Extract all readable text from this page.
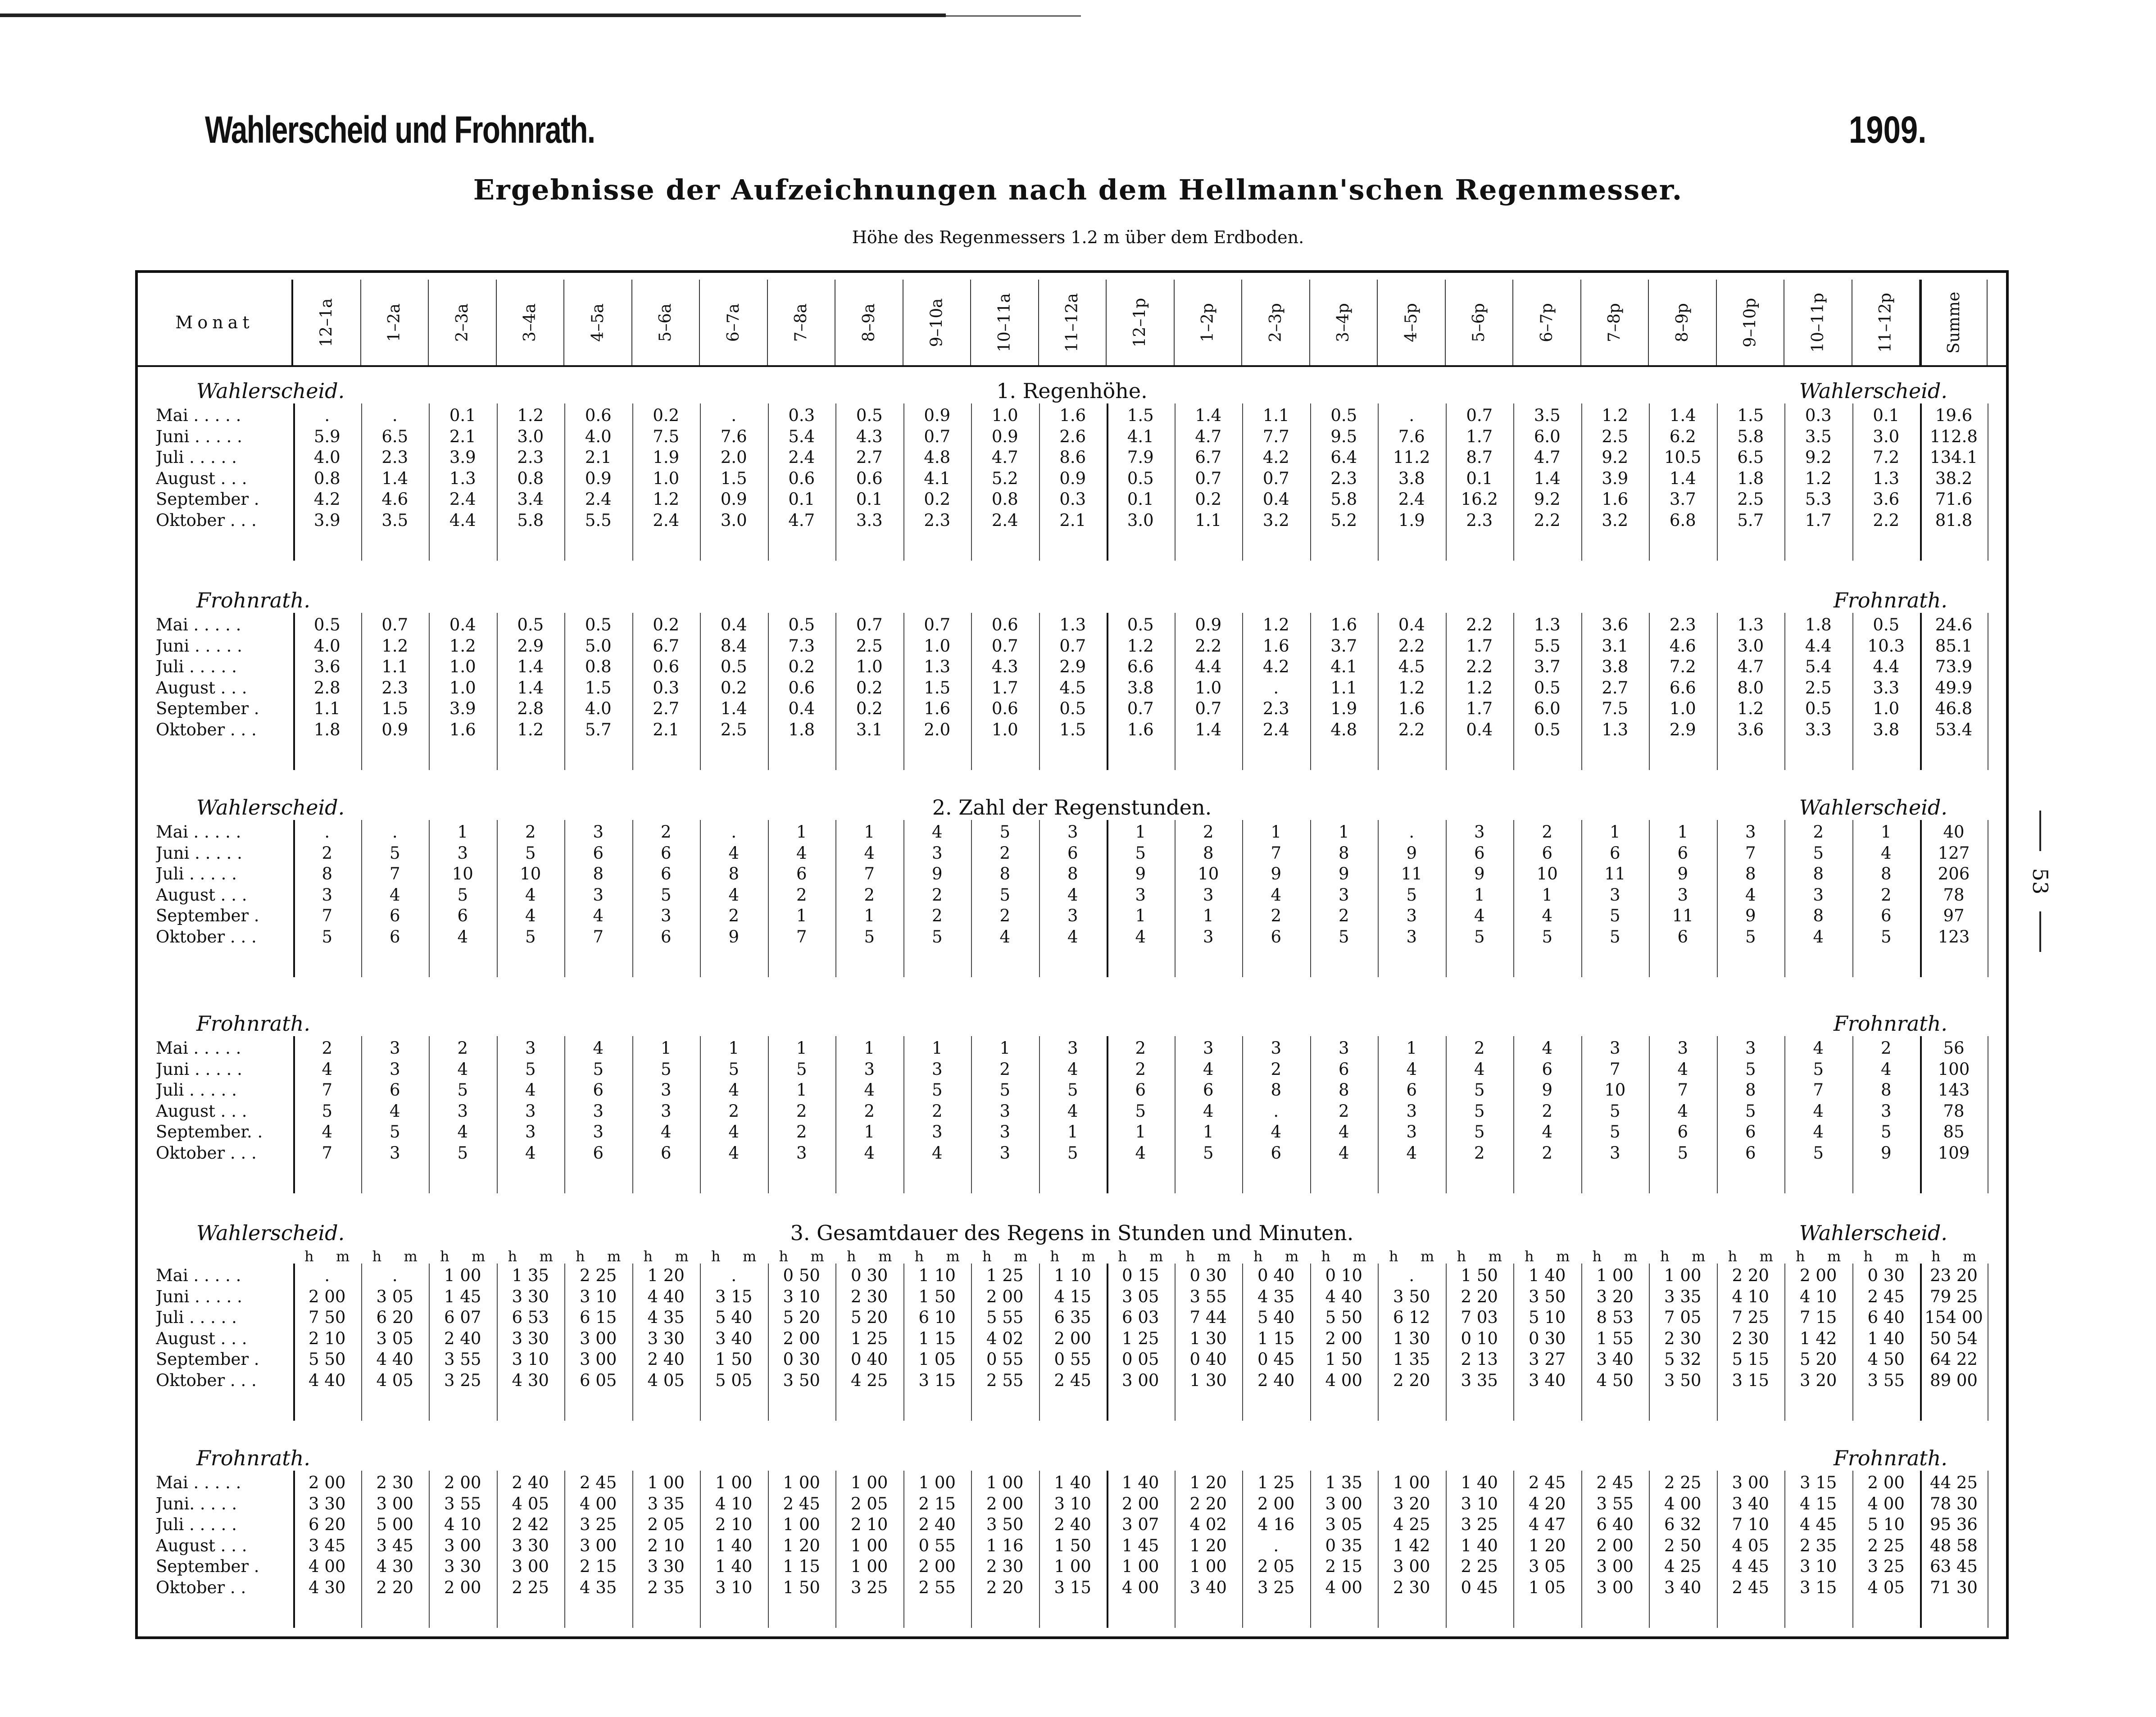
Wahlerscheid und Frohnrath.	1909.
Ergebnisse der Aufzeichnungen nach dem Hellmann'schen Regenmesser.
Höhe des Regenmessers 1.2 m über dem Erdboden.
53
Monat	12–1a	1–2a	2–3a	3–4a	4–5a	5–6a	6–7a	7–8a	8–9a	9–10a	10–11a	11–12a	12–1p	1–2p	2–3p	3–4p	4–5p	5–6p	6–7p	7–8p	8–9p	9–10p	10–11p	11–12p	Summe
Wahlerscheid.	1. Regenhöhe.	Wahlerscheid.
Mai . . . . .	.	.	0.1	1.2	0.6	0.2	.	0.3	0.5	0.9	1.0	1.6	1.5	1.4	1.1	0.5	.	0.7	3.5	1.2	1.4	1.5	0.3	0.1	19.6
Juni . . . . .	5.9	6.5	2.1	3.0	4.0	7.5	7.6	5.4	4.3	0.7	0.9	2.6	4.1	4.7	7.7	9.5	7.6	1.7	6.0	2.5	6.2	5.8	3.5	3.0	112.8
Juli . . . . .	4.0	2.3	3.9	2.3	2.1	1.9	2.0	2.4	2.7	4.8	4.7	8.6	7.9	6.7	4.2	6.4	11.2	8.7	4.7	9.2	10.5	6.5	9.2	7.2	134.1
August . . .	0.8	1.4	1.3	0.8	0.9	1.0	1.5	0.6	0.6	4.1	5.2	0.9	0.5	0.7	0.7	2.3	3.8	0.1	1.4	3.9	1.4	1.8	1.2	1.3	38.2
September .	4.2	4.6	2.4	3.4	2.4	1.2	0.9	0.1	0.1	0.2	0.8	0.3	0.1	0.2	0.4	5.8	2.4	16.2	9.2	1.6	3.7	2.5	5.3	3.6	71.6
Oktober . . .	3.9	3.5	4.4	5.8	5.5	2.4	3.0	4.7	3.3	2.3	2.4	2.1	3.0	1.1	3.2	5.2	1.9	2.3	2.2	3.2	6.8	5.7	1.7	2.2	81.8
Frohnrath.	Frohnrath.
Mai . . . . .	0.5	0.7	0.4	0.5	0.5	0.2	0.4	0.5	0.7	0.7	0.6	1.3	0.5	0.9	1.2	1.6	0.4	2.2	1.3	3.6	2.3	1.3	1.8	0.5	24.6
Juni . . . . .	4.0	1.2	1.2	2.9	5.0	6.7	8.4	7.3	2.5	1.0	0.7	0.7	1.2	2.2	1.6	3.7	2.2	1.7	5.5	3.1	4.6	3.0	4.4	10.3	85.1
Juli . . . . .	3.6	1.1	1.0	1.4	0.8	0.6	0.5	0.2	1.0	1.3	4.3	2.9	6.6	4.4	4.2	4.1	4.5	2.2	3.7	3.8	7.2	4.7	5.4	4.4	73.9
August . . .	2.8	2.3	1.0	1.4	1.5	0.3	0.2	0.6	0.2	1.5	1.7	4.5	3.8	1.0	.	1.1	1.2	1.2	0.5	2.7	6.6	8.0	2.5	3.3	49.9
September .	1.1	1.5	3.9	2.8	4.0	2.7	1.4	0.4	0.2	1.6	0.6	0.5	0.7	0.7	2.3	1.9	1.6	1.7	6.0	7.5	1.0	1.2	0.5	1.0	46.8
Oktober . . .	1.8	0.9	1.6	1.2	5.7	2.1	2.5	1.8	3.1	2.0	1.0	1.5	1.6	1.4	2.4	4.8	2.2	0.4	0.5	1.3	2.9	3.6	3.3	3.8	53.4
Wahlerscheid.	2. Zahl der Regenstunden.	Wahlerscheid.
Mai . . . . .	.	.	1	2	3	2	.	1	1	4	5	3	1	2	1	1	.	3	2	1	1	3	2	1	40
Juni . . . . .	2	5	3	5	6	6	4	4	4	3	2	6	5	8	7	8	9	6	6	6	6	7	5	4	127
Juli . . . . .	8	7	10	10	8	6	8	6	7	9	8	8	9	10	9	9	11	9	10	11	9	8	8	8	206
August . . .	3	4	5	4	3	5	4	2	2	2	5	4	3	3	4	3	5	1	1	3	3	4	3	2	78
September .	7	6	6	4	4	3	2	1	1	2	2	3	1	1	2	2	3	4	4	5	11	9	8	6	97
Oktober . . .	5	6	4	5	7	6	9	7	5	5	4	4	4	3	6	5	3	5	5	5	6	5	4	5	123
Frohnrath.	Frohnrath.
Mai . . . . .	2	3	2	3	4	1	1	1	1	1	1	3	2	3	3	3	1	2	4	3	3	3	4	2	56
Juni . . . . .	4	3	4	5	5	5	5	5	3	3	2	4	2	4	2	6	4	4	6	7	4	5	5	4	100
Juli . . . . .	7	6	5	4	6	3	4	1	4	5	5	5	6	6	8	8	6	5	9	10	7	8	7	8	143
August . . .	5	4	3	3	3	3	2	2	2	2	3	4	5	4	.	2	3	5	2	5	4	5	4	3	78
September. .	4	5	4	3	3	4	4	2	1	3	3	1	1	1	4	4	3	5	4	5	6	6	4	5	85
Oktober . . .	7	3	5	4	6	6	4	3	4	4	3	5	4	5	6	4	4	2	2	3	5	6	5	9	109
Wahlerscheid.	3. Gesamtdauer des Regens in Stunden und Minuten.	Wahlerscheid.
h m h m h m h m h m h m h m h m h m h m h m h m h m h m h m h m h m h m h m h m h m h m h m h m h m
Mai . . . . .	.	.	1 00	1 35	2 25	1 20	.	0 50	0 30	1 10	1 25	1 10	0 15	0 30	0 40	0 10	.	1 50	1 40	1 00	1 00	2 20	2 00	0 30	23 20
Juni . . . . .	2 00	3 05	1 45	3 30	3 10	4 40	3 15	3 10	2 30	1 50	2 00	4 15	3 05	3 55	4 35	4 40	3 50	2 20	3 50	3 20	3 35	4 10	4 10	2 45	79 25
Juli . . . . .	7 50	6 20	6 07	6 53	6 15	4 35	5 40	5 20	5 20	6 10	5 55	6 35	6 03	7 44	5 40	5 50	6 12	7 03	5 10	8 53	7 05	7 25	7 15	6 40	154 00
August . . .	2 10	3 05	2 40	3 30	3 00	3 30	3 40	2 00	1 25	1 15	4 02	2 00	1 25	1 30	1 15	2 00	1 30	0 10	0 30	1 55	2 30	2 30	1 42	1 40	50 54
September .	5 50	4 40	3 55	3 10	3 00	2 40	1 50	0 30	0 40	1 05	0 55	0 55	0 05	0 40	0 45	1 50	1 35	2 13	3 27	3 40	5 32	5 15	5 20	4 50	64 22
Oktober . . .	4 40	4 05	3 25	4 30	6 05	4 05	5 05	3 50	4 25	3 15	2 55	2 45	3 00	1 30	2 40	4 00	2 20	3 35	3 40	4 50	3 50	3 15	3 20	3 55	89 00
Frohnrath.	Frohnrath.
Mai . . . . .	2 00	2 30	2 00	2 40	2 45	1 00	1 00	1 00	1 00	1 00	1 00	1 40	1 40	1 20	1 25	1 35	1 00	1 40	2 45	2 45	2 25	3 00	3 15	2 00	44 25
Juni. . . . .	3 30	3 00	3 55	4 05	4 00	3 35	4 10	2 45	2 05	2 15	2 00	3 10	2 00	2 20	2 00	3 00	3 20	3 10	4 20	3 55	4 00	3 40	4 15	4 00	78 30
Juli . . . . .	6 20	5 00	4 10	2 42	3 25	2 05	2 10	1 00	2 10	2 40	3 50	2 40	3 07	4 02	4 16	3 05	4 25	3 25	4 47	6 40	6 32	7 10	4 45	5 10	95 36
August . . .	3 45	3 45	3 00	3 30	3 00	2 10	1 40	1 20	1 00	0 55	1 16	1 50	1 45	1 20	.	0 35	1 42	1 40	1 20	2 00	2 50	4 05	2 35	2 25	48 58
September .	4 00	4 30	3 30	3 00	2 15	3 30	1 40	1 15	1 00	2 00	2 30	1 00	1 00	1 00	2 05	2 15	3 00	2 25	3 05	3 00	4 25	4 45	3 10	3 25	63 45
Oktober . .	4 30	2 20	2 00	2 25	4 35	2 35	3 10	1 50	3 25	2 55	2 20	3 15	4 00	3 40	3 25	4 00	2 30	0 45	1 05	3 00	3 40	2 45	3 15	4 05	71 30
